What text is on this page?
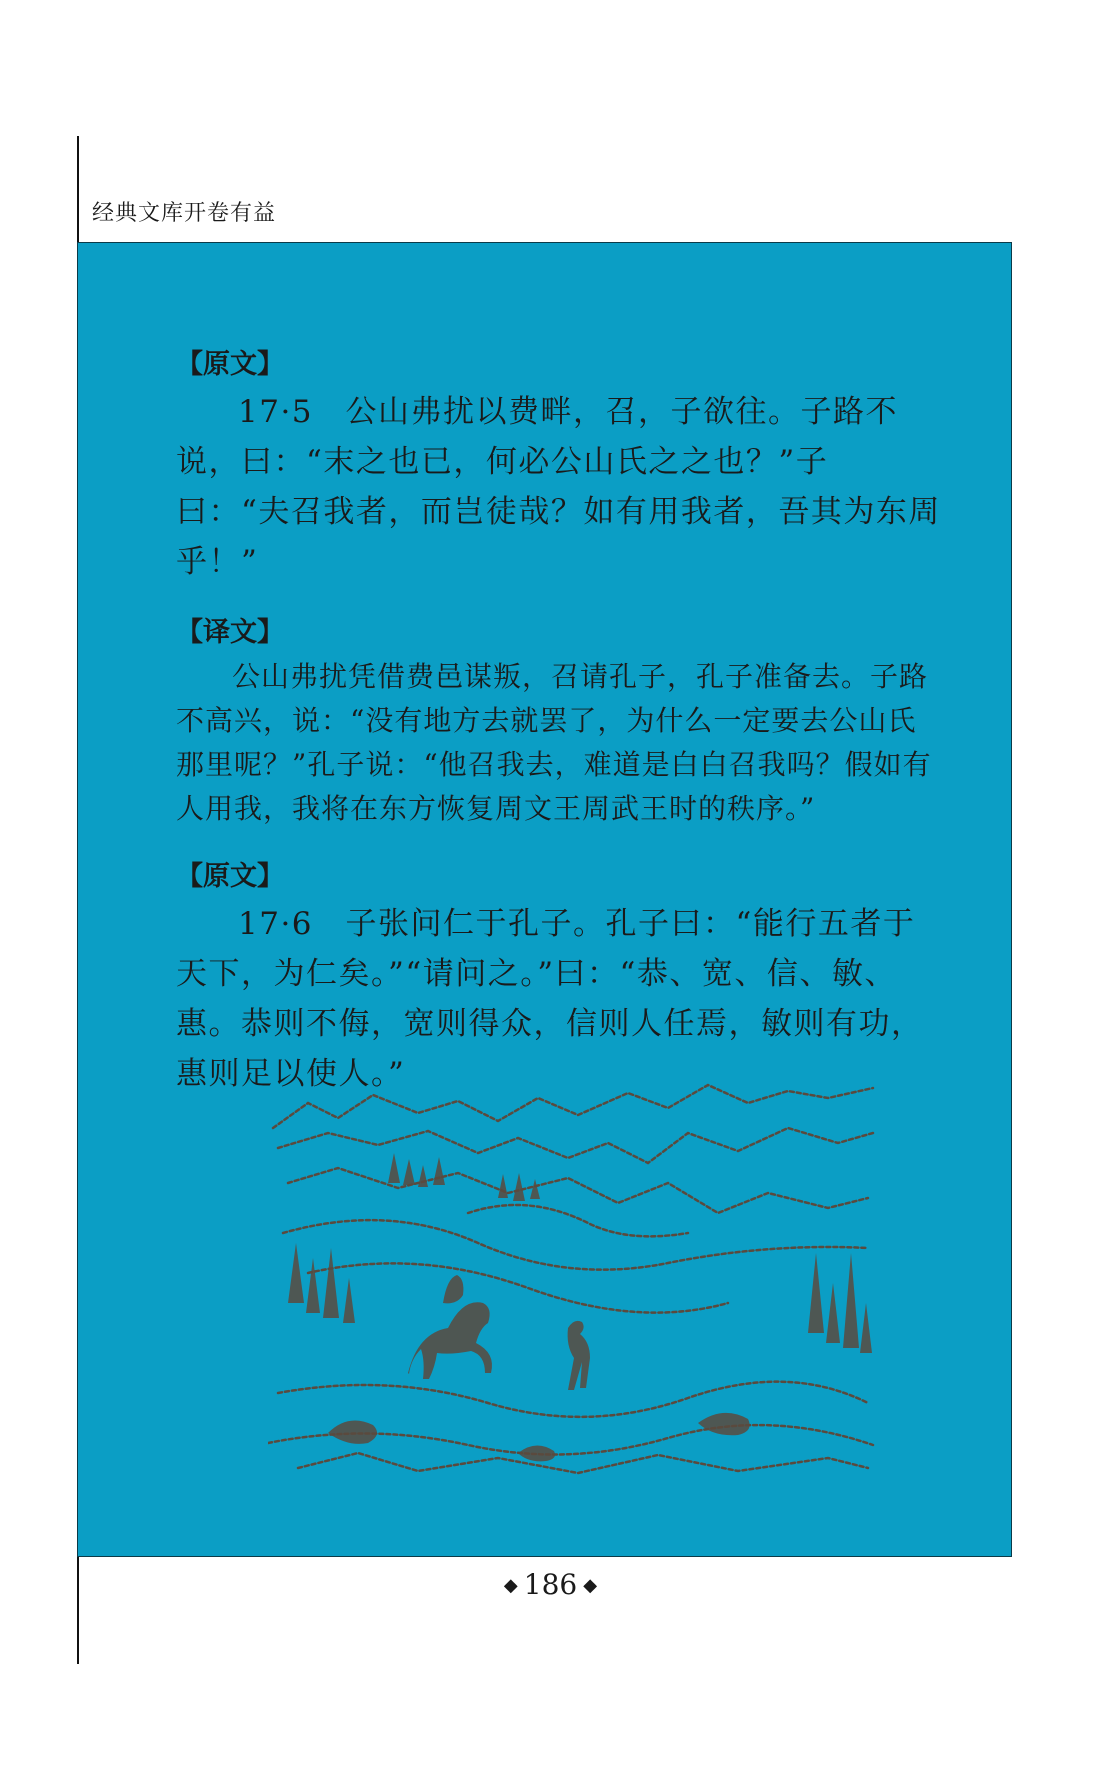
经典文库开卷有益

【原文】

17·5　公山弗扰以费畔，召，子欲往。子路不说，曰：“末之也已，何必公山氏之之也？”子曰：“夫召我者，而岂徒哉？如有用我者，吾其为东周乎！”

【译文】

公山弗扰凭借费邑谋叛，召请孔子，孔子准备去。子路不高兴，说：“没有地方去就罢了，为什么一定要去公山氏那里呢？”孔子说：“他召我去，难道是白白召我吗？假如有人用我，我将在东方恢复周文王周武王时的秩序。”

【原文】

17·6　子张问仁于孔子。孔子曰：“能行五者于天下，为仁矣。”“请问之。”曰：“恭、宽、信、敏、惠。恭则不侮，宽则得众，信则人任焉，敏则有功，惠则足以使人。”

◆ 186 ◆
